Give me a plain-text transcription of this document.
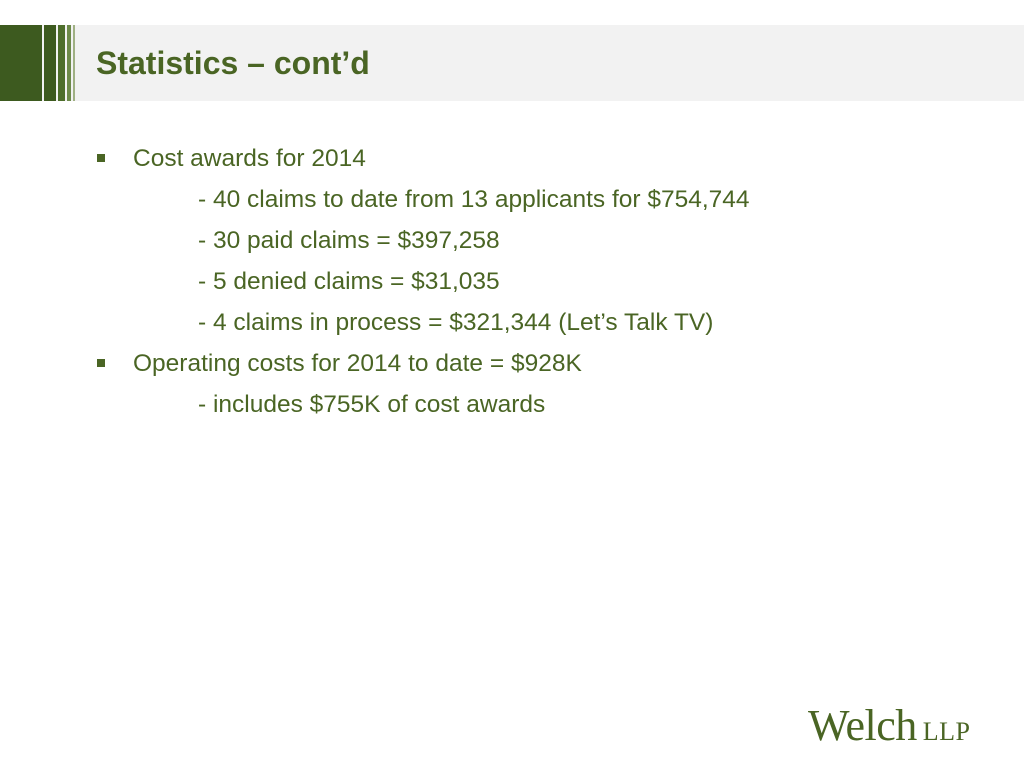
Statistics – cont’d
Cost awards for 2014
- 40 claims to date from 13 applicants for $754,744
- 30 paid claims = $397,258
- 5 denied claims = $31,035
- 4 claims in process = $321,344 (Let’s Talk TV)
Operating costs for 2014 to date = $928K
- includes $755K of cost awards
Welch LLP
